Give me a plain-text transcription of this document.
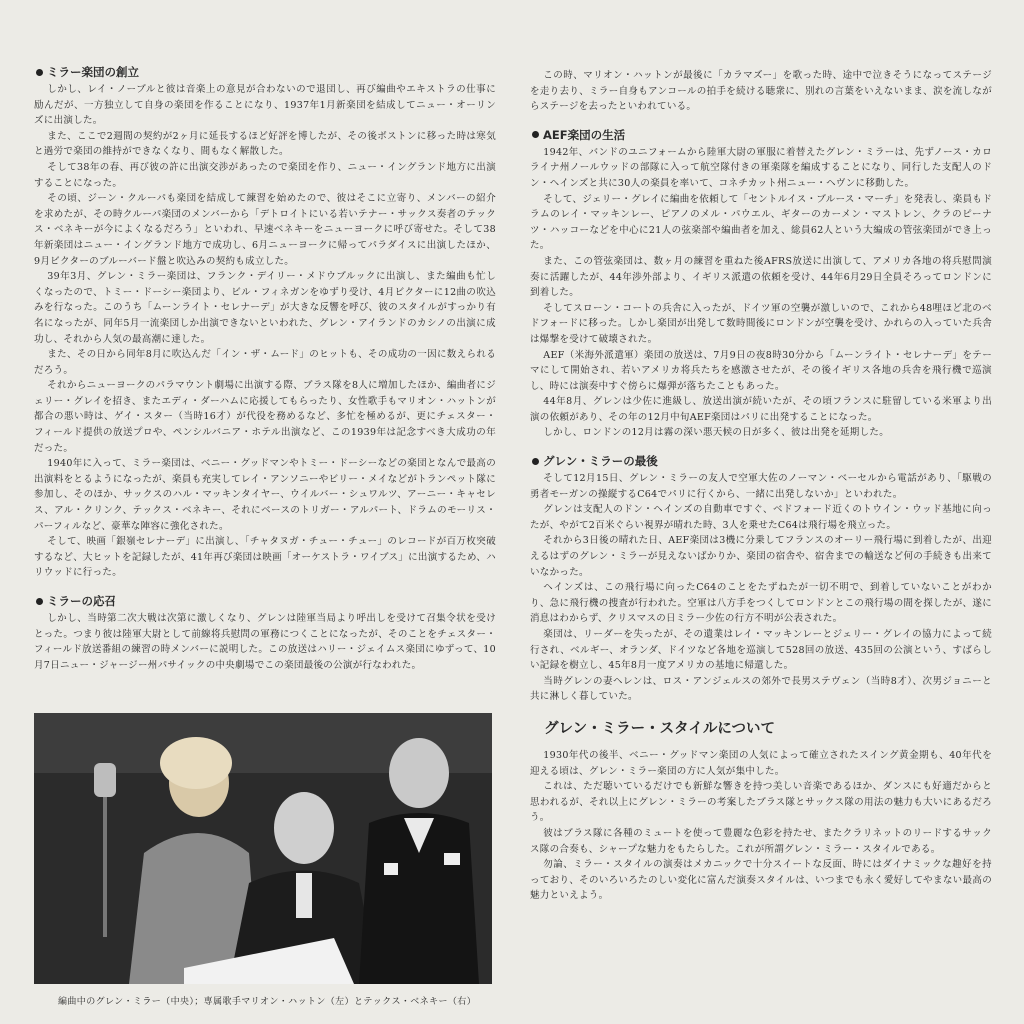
ミラー楽団の創立

しかし、レイ・ノーブルと彼は音楽上の意見が合わないので退団し、再び編曲やエキストラの仕事に励んだが、一方独立して自身の楽団を作ることになり、1937年1月新楽団を結成してニュー・オーリンズに出演した。

また、ここで2週間の契約が2ヶ月に延長するほど好評を博したが、その後ボストンに移った時は寒気と過労で楽団の維持ができなくなり、間もなく解散した。

そして38年の春、再び彼の許に出演交渉があったので楽団を作り、ニュー・イングランド地方に出演することになった。

その頃、ジーン・クルーパも楽団を結成して練習を始めたので、彼はそこに立寄り、メンバーの紹介を求めたが、その時クルーパ楽団のメンバーから「デトロイトにいる若いテナー・サックス奏者のテックス・ベネキーが今によくなるだろう」といわれ、早速ベネキーをニューヨークに呼び寄せた。そして38年新楽団はニュー・イングランド地方で成功し、6月ニューヨークに帰ってパラダイスに出演したほか、9月ビクターのブルーバード盤と吹込みの契約も成立した。

39年3月、グレン・ミラー楽団は、フランク・デイリー・メドウブルックに出演し、また編曲も忙しくなったので、トミー・ドーシー楽団より、ビル・フィネガンをゆずり受け、4月ビクターに12曲の吹込みを行なった。このうち「ムーンライト・セレナーデ」が大きな反響を呼び、彼のスタイルがすっかり有名になったが、同年5月一流楽団しか出演できないといわれた、グレン・アイランドのカシノの出演に成功し、それから人気の最高潮に達した。

また、その日から同年8月に吹込んだ「イン・ザ・ムード」のヒットも、その成功の一因に数えられるだろう。

それからニューヨークのパラマウント劇場に出演する際、ブラス隊を8人に増加したほか、編曲者にジェリー・グレイを招き、またエディ・ダーハムに応援してもらったり、女性歌手もマリオン・ハットンが都合の悪い時は、ゲイ・スター（当時16才）が代役を務めるなど、多忙を極めるが、更にチェスター・フィールド提供の放送プロや、ペンシルバニア・ホテル出演など、この1939年は記念すべき大成功の年だった。

1940年に入って、ミラー楽団は、ベニー・グッドマンやトミー・ドーシーなどの楽団となんで最高の出演料をとるようになったが、楽員も充実してレイ・アンソニーやビリー・メイなどがトランペット隊に参加し、そのほか、サックスのハル・マッキンタイヤー、ウイルバー・シュワルツ、アーニー・キャセレス、アル・クリンク、テックス・ベネキー、それにベースのトリガー・アルパート、ドラムのモーリス・パーフィルなど、豪華な陣容に強化された。

そして、映画「銀嶺セレナーデ」に出演し、「チャタヌガ・チュー・チュー」のレコードが百万枚突破するなど、大ヒットを記録したが、41年再び楽団は映画「オーケストラ・ワイブス」に出演するため、ハリウッドに行った。

ミラーの応召

しかし、当時第二次大戦は次第に激しくなり、グレンは陸軍当局より呼出しを受けて召集令状を受けとった。つまり彼は陸軍大尉として前線将兵慰問の軍務につくことになったが、そのことをチェスター・フィールド放送番組の練習の時メンバーに説明した。この放送はハリー・ジェイムス楽団にゆずって、10月7日ニュー・ジャージー州パサイックの中央劇場でこの楽団最後の公演が行なわれた。

編曲中のグレン・ミラー（中央）；専属歌手マリオン・ハットン（左）とテックス・ベネキー（右）

この時、マリオン・ハットンが最後に「カラマズー」を歌った時、途中で泣きそうになってステージを走り去り、ミラー自身もアンコールの拍手を続ける聴衆に、別れの言葉をいえないまま、涙を流しながらステージを去ったといわれている。

AEF楽団の生活

1942年、バンドのユニフォームから陸軍大尉の軍服に着替えたグレン・ミラーは、先ずノース・カロライナ州ノールウッドの部隊に入って航空隊付きの軍楽隊を編成することになり、同行した支配人のドン・ヘインズと共に30人の楽員を率いて、コネチカット州ニュー・ヘヴンに移動した。

そして、ジェリー・グレイに編曲を依頼して「セントルイス・ブルース・マーチ」を発表し、楽員もドラムのレイ・マッキンレー、ピアノのメル・パウエル、ギターのカーメン・マストレン、クラのピーナツ・ハッコーなどを中心に21人の弦楽部や編曲者を加え、総員62人という大編成の管弦楽団ができ上った。

また、この管弦楽団は、数ヶ月の練習を重ねた後AFRS放送に出演して、アメリカ各地の将兵慰問演奏に活躍したが、44年渉外部より、イギリス派遣の依頼を受け、44年6月29日全員そろってロンドンに到着した。

そしてスローン・コートの兵舎に入ったが、ドイツ軍の空襲が激しいので、これから48哩ほど北のベドフォードに移った。しかし楽団が出発して数時間後にロンドンが空襲を受け、かれらの入っていた兵舎は爆撃を受けて破壊された。

AEF（米海外派遣軍）楽団の放送は、7月9日の夜8時30分から「ムーンライト・セレナーデ」をテーマにして開始され、若いアメリカ将兵たちを感激させたが、その後イギリス各地の兵舎を飛行機で巡演し、時には演奏中すぐ傍らに爆弾が落ちたこともあった。

44年8月、グレンは少佐に進級し、放送出演が続いたが、その頃フランスに駐留している米軍より出演の依頼があり、その年の12月中旬AEF楽団はパリに出発することになった。

しかし、ロンドンの12月は霧の深い悪天候の日が多く、彼は出発を延期した。

グレン・ミラーの最後

そして12月15日、グレン・ミラーの友人で空軍大佐のノーマン・ベーセルから電話があり、「駆戦の勇者モーガンの操縦するC64でパリに行くから、一緒に出発しないか」といわれた。

グレンは支配人のドン・ヘインズの自動車ですぐ、ベドフォード近くのトウイン・ウッド基地に向ったが、やがて2百米ぐらい視界が晴れた時、3人を乗せたC64は飛行場を飛立った。

それから3日後の晴れた日、AEF楽団は3機に分乗してフランスのオーリー飛行場に到着したが、出迎えるはずのグレン・ミラーが見えないばかりか、楽団の宿舎や、宿舎までの輸送など何の手続きも出来ていなかった。

ヘインズは、この飛行場に向ったC64のことをたずねたが一切不明で、到着していないことがわかり、急に飛行機の捜査が行われた。空軍は八方手をつくしてロンドンとこの飛行場の間を探したが、遂に消息はわからず、クリスマスの日ミラー少佐の行方不明が公表された。

楽団は、リーダーを失ったが、その遺業はレイ・マッキンレーとジェリー・グレイの協力によって続行され、ベルギー、オランダ、ドイツなど各地を巡演して528回の放送、435回の公演という、すばらしい記録を樹立し、45年8月一度アメリカの基地に帰還した。

当時グレンの妻ヘレンは、ロス・アンジェルスの郊外で長男ステヴェン（当時8才）、次男ジョニーと共に淋しく暮していた。

グレン・ミラー・スタイルについて

1930年代の後半、ベニー・グッドマン楽団の人気によって確立されたスイング黄金期も、40年代を迎える頃は、グレン・ミラー楽団の方に人気が集中した。

これは、ただ聴いているだけでも新鮮な響きを持つ美しい音楽であるほか、ダンスにも好適だからと思われるが、それ以上にグレン・ミラーの考案したブラス隊とサックス隊の用法の魅力も大いにあるだろう。

彼はブラス隊に各種のミュートを使って豊麗な色彩を持たせ、またクラリネットのリードするサックス隊の合奏も、シャープな魅力をもたらした。これが所謂グレン・ミラー・スタイルである。

勿論、ミラー・スタイルの演奏はメカニックで十分スイートな反面、時にはダイナミックな趣好を持っており、そのいろいろたのしい変化に富んだ演奏スタイルは、いつまでも永く愛好してやまない最高の魅力といえよう。
